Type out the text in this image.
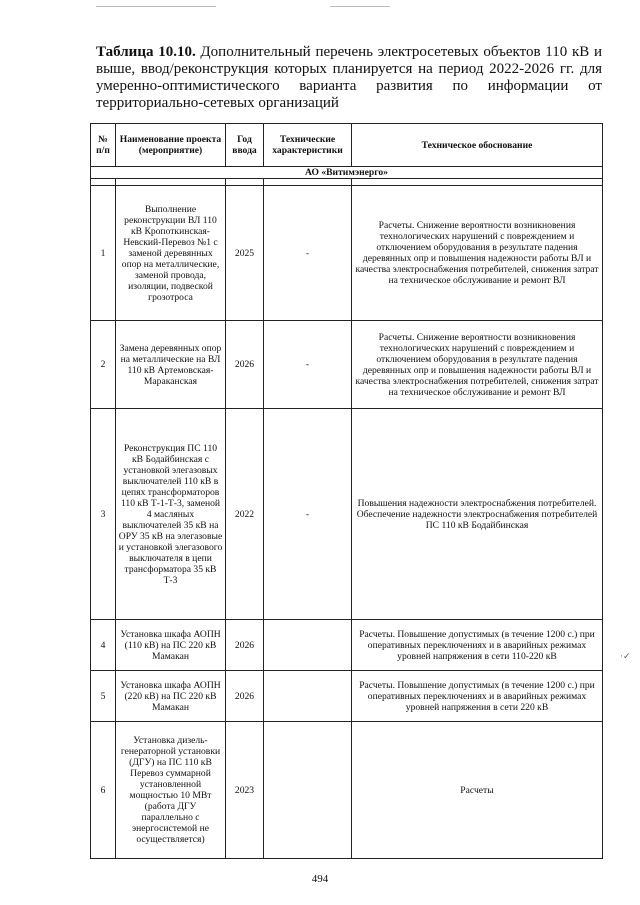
Таблица 10.10. Дополнительный перечень электросетевых объектов 110 кВ и выше, ввод/реконструкция которых планируется на период 2022-2026 гг. для умеренно-оптимистического варианта развития по информации от территориально-сетевых организаций
№ п/п	Наименование проекта (мероприятие)	Год ввода	Технические характеристики	Техническое обоснование
АО «Витимэнерго»				

1	Выполнение реконструкции ВЛ 110 кВ Кропоткинская-Невский-Перевоз №1 с заменой деревянных опор на металлические, заменой провода, изоляции, подвеской грозотроса	2025	-	Расчеты. Снижение вероятности возникновения технологических нарушений с повреждением и отключением оборудования в результате падения деревянных опр и повышения надежности работы ВЛ и качества электроснабжения потребителей, снижения затрат на техническое обслуживание и ремонт ВЛ
2	Замена деревянных опор на металлические на ВЛ 110 кВ Артемовская-Мараканская	2026	-	Расчеты. Снижение вероятности возникновения технологических нарушений с повреждением и отключением оборудования в результате падения деревянных опр и повышения надежности работы ВЛ и качества электроснабжения потребителей, снижения затрат на техническое обслуживание и ремонт ВЛ
3	Реконструкция ПС 110 кВ Бодайбинская с установкой элегазовых выключателей 110 кВ в цепях трансформаторов 110 кВ Т-1-Т-3, заменой 4 масляных выключателей 35 кВ на ОРУ 35 кВ на элегазовые и установкой элегазового выключателя в цепи трансформатора 35 кВ Т-3	2022	-	Повышения надежности электроснабжения потребителей. Обеспечение надежности электроснабжения потребителей ПС 110 кВ Бодайбинская
4	Установка шкафа АОПН (110 кВ) на ПС 220 кВ Мамакан	2026		Расчеты. Повышение допустимых (в течение 1200 с.) при оперативных переключениях и в аварийных режимах уровней напряжения в сети 110-220 кВ
5	Установка шкафа АОПН (220 кВ) на ПС 220 кВ Мамакан	2026		Расчеты. Повышение допустимых (в течение 1200 с.) при оперативных переключениях и в аварийных режимах уровней напряжения в сети 220 кВ
6	Установка дизель-генераторной установки (ДГУ) на ПС 110 кВ Перевоз суммарной установленной мощностью 10 МВт (работа ДГУ параллельно с энергосистемой не осуществляется)	2023		Расчеты
·✓
494
